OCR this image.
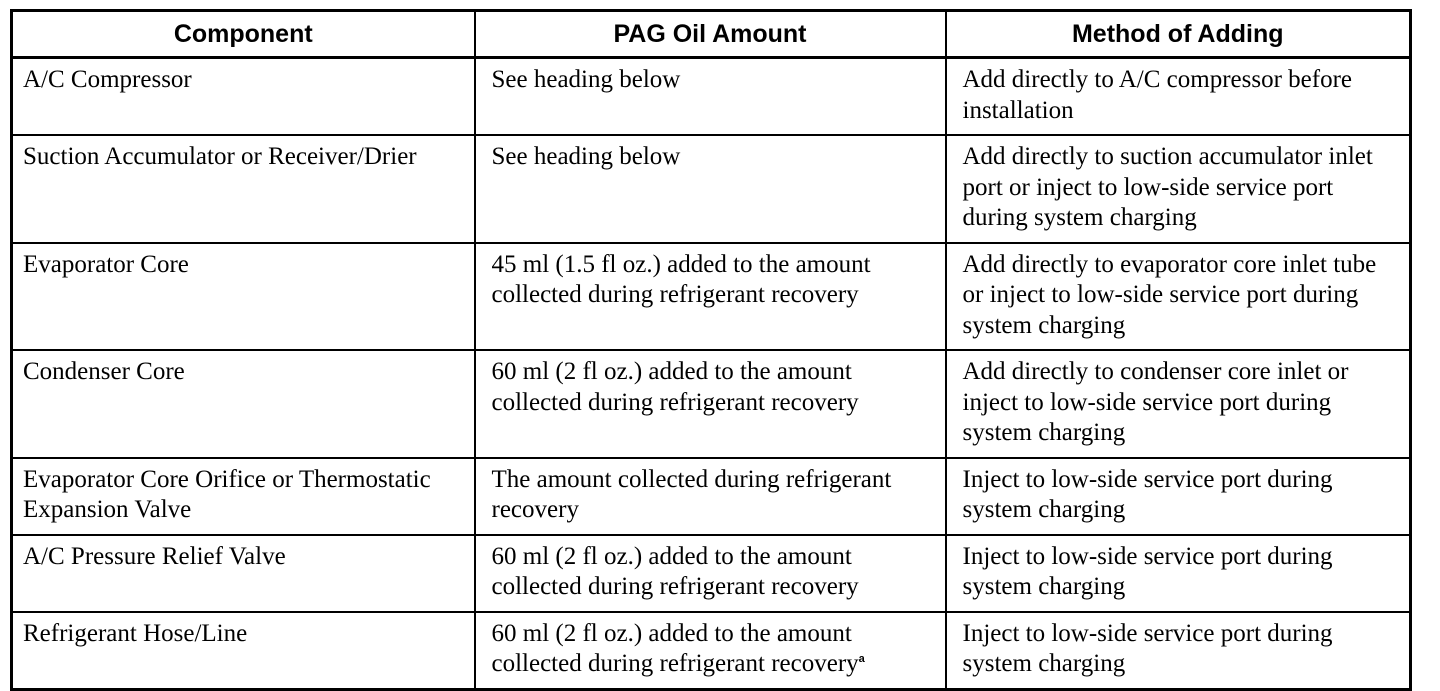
Component	PAG Oil Amount	Method of Adding
A/C Compressor	See heading below	Add directly to A/C compressor before installation
Suction Accumulator or Receiver/Drier	See heading below	Add directly to suction accumulator inlet port or inject to low-side service port during system charging
Evaporator Core	45 ml (1.5 fl oz.) added to the amount collected during refrigerant recovery	Add directly to evaporator core inlet tube or inject to low-side service port during system charging
Condenser Core	60 ml (2 fl oz.) added to the amount collected during refrigerant recovery	Add directly to condenser core inlet or inject to low-side service port during system charging
Evaporator Core Orifice or Thermostatic Expansion Valve	The amount collected during refrigerant recovery	Inject to low-side service port during system charging
A/C Pressure Relief Valve	60 ml (2 fl oz.) added to the amount collected during refrigerant recovery	Inject to low-side service port during system charging
Refrigerant Hose/Line	60 ml (2 fl oz.) added to the amount collected during refrigerant recovery$^a$	Inject to low-side service port during system charging
